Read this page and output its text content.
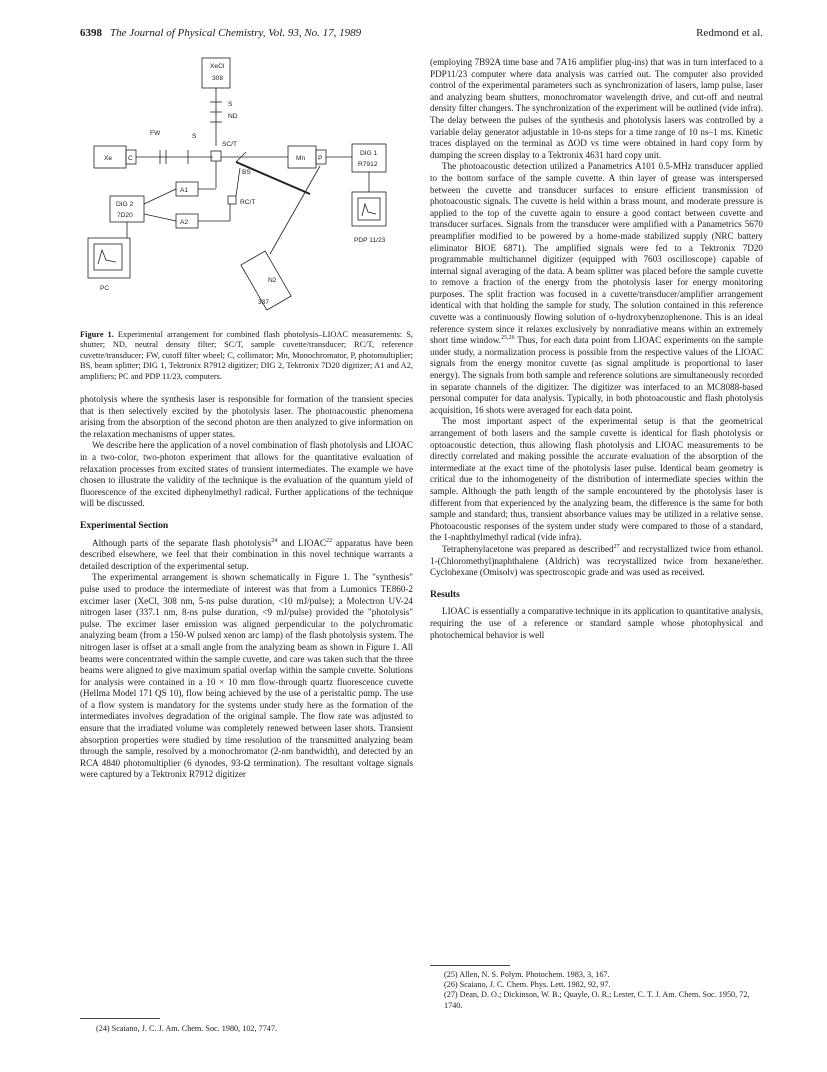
6398 The Journal of Physical Chemistry, Vol. 93, No. 17, 1989	Redmond et al.
XeCl
308
S
ND
FW	S
SC/T
Xe C	Mn P
DIG 1
R7912
BS
A1
A2
DIG 2
7D20
RC/T
PDP 11/23
PC
N2
337

Figure 1. Experimental arrangement for combined flash photolysis–LIOAC measurements: S, shutter; ND, neutral density filter; SC/T, sample cuvette/transducer; RC/T, reference cuvette/transducer; FW, cutoff filter wheel; C, collimator; Mn, Monochromator, P, photomultiplier; BS, beam splitter; DIG 1, Tektronix R7912 digitizer; DIG 2, Tektronix 7D20 digitizer; A1 and A2, amplifiers; PC and PDP 11/23, computers.

photolysis where the synthesis laser is responsible for formation of the transient species that is then selectively excited by the photolysis laser. The photoacoustic phenomena arising from the absorption of the second photon are then analyzed to give information on the relaxation mechanisms of upper states.

We describe here the application of a novel combination of flash photolysis and LIOAC in a two-color, two-photon experiment that allows for the quantitative evaluation of relaxation processes from excited states of transient intermediates. The example we have chosen to illustrate the validity of the technique is the evaluation of the quantum yield of fluorescence of the excited diphenylmethyl radical. Further applications of the technique will be discussed.

Experimental Section

Although parts of the separate flash photolysis$^{24}$ and LIOAC$^{22}$ apparatus have been described elsewhere, we feel that their combination in this novel technique warrants a detailed description of the experimental setup.

The experimental arrangement is shown schematically in Figure 1. The "synthesis" pulse used to produce the intermediate of interest was that from a Lumonics TE860-2 excimer laser (XeCl, 308 nm, 5-ns pulse duration, <10 mJ/pulse); a Molectron UV-24 nitrogen laser (337.1 nm, 8-ns pulse duration, <9 mJ/pulse) provided the "photolysis" pulse. The excimer laser emission was aligned perpendicular to the polychromatic analyzing beam (from a 150-W pulsed xenon arc lamp) of the flash photolysis system. The nitrogen laser is offset at a small angle from the analyzing beam as shown in Figure 1. All beams were concentrated within the sample cuvette, and care was taken such that the three beams were aligned to give maximum spatial overlap within the sample cuvette. Solutions for analysis were contained in a 10 × 10 mm flow-through quartz fluorescence cuvette (Hellma Model 171 QS 10), flow being achieved by the use of a peristaltic pump. The use of a flow system is mandatory for the systems under study here as the formation of the intermediates involves degradation of the original sample. The flow rate was adjusted to ensure that the irradiated volume was completely renewed between laser shots. Transient absorption properties were studied by time resolution of the transmitted analyzing beam through the sample, resolved by a monochromator (2-nm bandwidth), and detected by an RCA 4840 photomultiplier (6 dynodes, 93-Ω termination). The resultant voltage signals were captured by a Tektronix R7912 digitizer

(employing 7B92A time base and 7A16 amplifier plug-ins) that was in turn interfaced to a PDP11/23 computer where data analysis was carried out. The computer also provided control of the experimental parameters such as synchronization of lasers, lamp pulse, laser and analyzing beam shutters, monochromator wavelength drive, and cut-off and neutral density filter changers. The synchronization of the experiment will be outlined (vide infra). The delay between the pulses of the synthesis and photolysis lasers was controlled by a variable delay generator adjustable in 10-ns steps for a time range of 10 ns–1 ms. Kinetic traces displayed on the terminal as ΔOD vs time were obtained in hard copy form by dumping the screen display to a Tektronix 4631 hard copy unit.

The photoacoustic detection utilized a Panametrics A101 0.5-MHz transducer applied to the bottom surface of the sample cuvette. A thin layer of grease was interspersed between the cuvette and transducer surfaces to ensure efficient transmission of photoacoustic signals. The cuvette is held within a brass mount, and moderate pressure is applied to the top of the cuvette again to ensure a good contact between cuvette and transducer surfaces. Signals from the transducer were amplified with a Panametrics 5670 preamplifier modified to be powered by a home-made stabilized supply (NRC battery eliminator BIOE 6871). The amplified signals were fed to a Tektronix 7D20 programmable multichannel digitizer (equipped with 7603 oscilloscope) capable of internal signal averaging of the data. A beam splitter was placed before the sample cuvette to remove a fraction of the energy from the photolysis laser for energy monitoring purposes. The split fraction was focused in a cuvette/transducer/amplifier arrangement identical with that holding the sample for study. The solution contained in this reference cuvette was a continuously flowing solution of o-hydroxybenzophenone. This is an ideal reference system since it relaxes exclusively by nonradiative means within an extremely short time window.$^{25,26}$ Thus, for each data point from LIOAC experiments on the sample under study, a normalization process is possible from the respective values of the LIOAC signals from the energy monitor cuvette (as signal amplitude is proportional to laser energy). The signals from both sample and reference solutions are simultaneously recorded in separate channels of the digitizer. The digitizer was interfaced to an MC8088-based personal computer for data analysis. Typically, in both photoacoustic and flash photolysis acquisition, 16 shots were averaged for each data point.

The most important aspect of the experimental setup is that the geometrical arrangement of both lasers and the sample cuvette is identical for flash photolysis or optoacoustic detection, thus allowing flash photolysis and LIOAC measurements to be directly correlated and making possible the accurate evaluation of the absorption of the intermediate at the exact time of the photolysis laser pulse. Identical beam geometry is critical due to the inhomogeneity of the distribution of intermediate species within the sample. Although the path length of the sample encountered by the photolysis laser is different from that experienced by the analyzing beam, the difference is the same for both sample and standard; thus, transient absorbance values may be utilized in a relative sense. Photoacoustic responses of the system under study were compared to those of a standard, the 1-naphthylmethyl radical (vide infra).

Tetraphenylacetone was prepared as described$^{27}$ and recrystallized twice from ethanol. 1-(Chloromethyl)naphthalene (Aldrich) was recrystallized twice from hexane/ether. Cyclohexane (Omisolv) was spectroscopic grade and was used as received.

Results

LIOAC is essentially a comparative technique in its application to quantitative analysis, requiring the use of a reference or standard sample whose photophysical and photochemical behavior is well

(24) Scaiano, J. C. J. Am. Chem. Soc. 1980, 102, 7747.
(25) Allen, N. S. Polym. Photochem. 1983, 3, 167.
(26) Scaiano, J. C. Chem. Phys. Lett. 1982, 92, 97.
(27) Dean, D. O.; Dickinson, W. B.; Quayle, O. R.; Lester, C. T. J. Am. Chem. Soc. 1950, 72, 1740.
